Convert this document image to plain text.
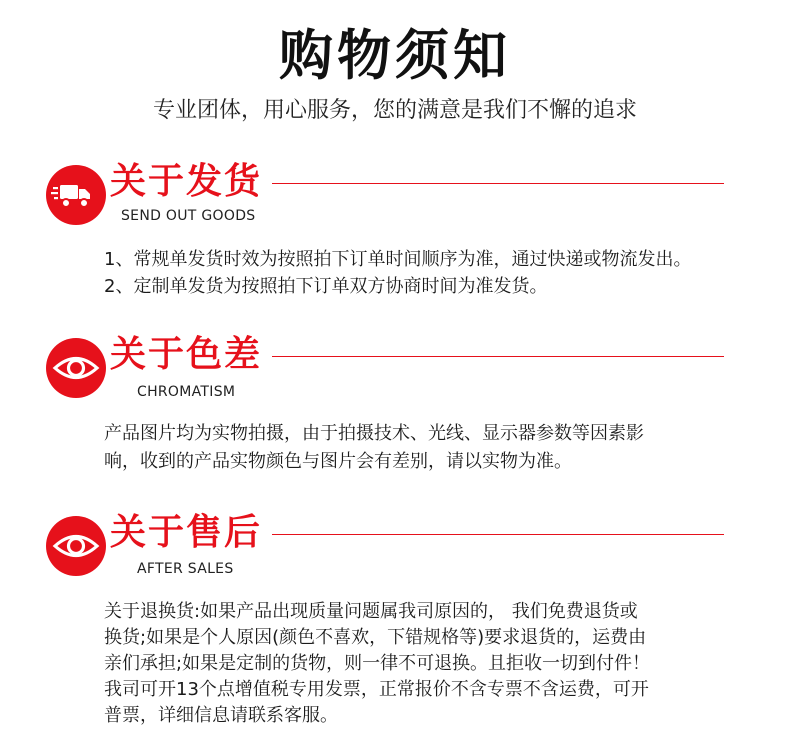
购物须知
专业团体，用心服务，您的满意是我们不懈的追求
关于发货
SEND OUT GOODS

1、常规单发货时效为按照拍下订单时间顺序为准，通过快递或物流发出。

2、定制单发货为按照拍下订单双方协商时间为准发货。

关于色差
CHROMATISM

产品图片均为实物拍摄，由于拍摄技术、光线、显示器参数等因素影

响，收到的产品实物颜色与图片会有差别，请以实物为准。

关于售后
AFTER SALES

关于退换货:如果产品出现质量问题属我司原因的， 我们免费退货或

换货;如果是个人原因(颜色不喜欢，下错规格等)要求退货的，运费由

亲们承担;如果是定制的货物，则一律不可退换。且拒收一切到付件！

我司可开13个点增值税专用发票，正常报价不含专票不含运费，可开

普票，详细信息请联系客服。
